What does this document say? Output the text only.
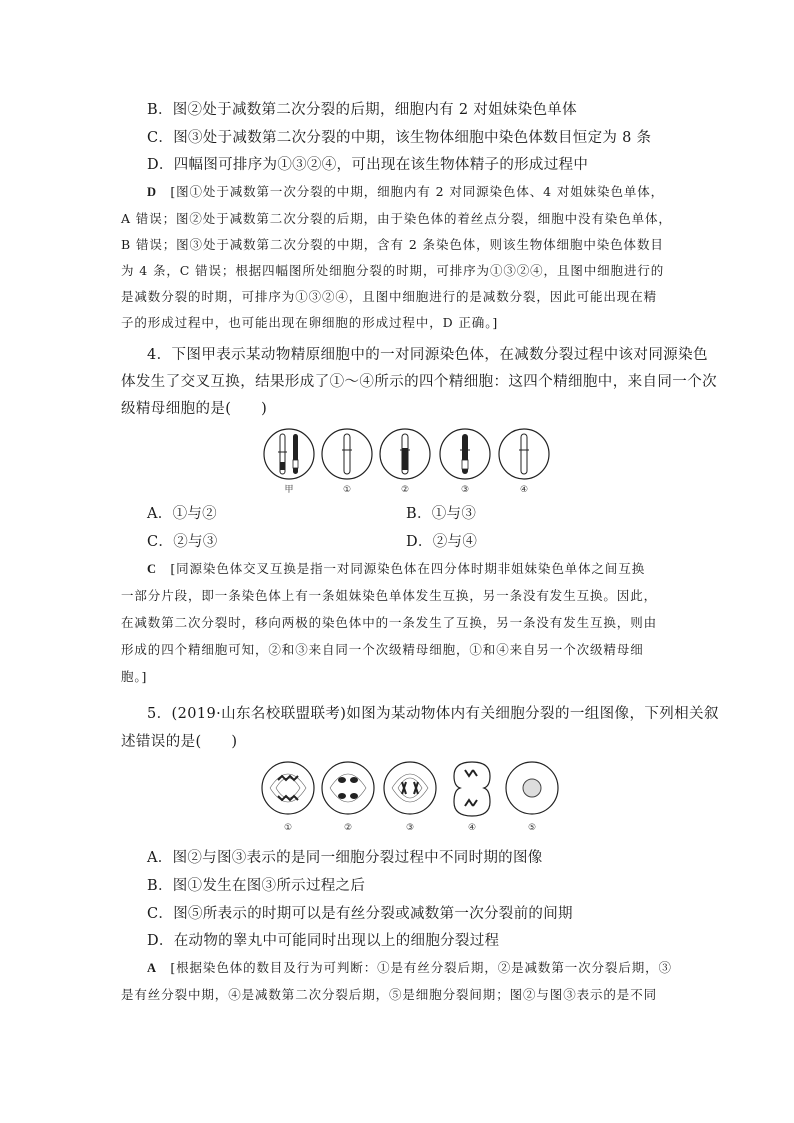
B．图②处于减数第二次分裂的后期，细胞内有 2 对姐妹染色单体
C．图③处于减数第二次分裂的中期，该生物体细胞中染色体数目恒定为 8 条
D．四幅图可排序为①③②④，可出现在该生物体精子的形成过程中
D　 [图①处于减数第一次分裂的中期，细胞内有 2 对同源染色体、4 对姐妹染色单体，
A 错误；图②处于减数第二次分裂的后期，由于染色体的着丝点分裂，细胞中没有染色单体，
B 错误；图③处于减数第二次分裂的中期，含有 2 条染色体，则该生物体细胞中染色体数目
为 4 条，C 错误；根据四幅图所处细胞分裂的时期，可排序为①③②④，且图中细胞进行的
是减数分裂的时期，可排序为①③②④，且图中细胞进行的是减数分裂，因此可能出现在精
子的形成过程中，也可能出现在卵细胞的形成过程中，D 正确。]
4．下图甲表示某动物精原细胞中的一对同源染色体，在减数分裂过程中该对同源染色
体发生了交叉互换，结果形成了①～④所示的四个精细胞：这四个精细胞中，来自同一个次
级精母细胞的是(　　)
甲	①	②	③	④
A．①与②	B．①与③
C．②与③	D．②与④
C　 [同源染色体交叉互换是指一对同源染色体在四分体时期非姐妹染色单体之间互换
一部分片段，即一条染色体上有一条姐妹染色单体发生互换，另一条没有发生互换。因此，
在减数第二次分裂时，移向两极的染色体中的一条发生了互换，另一条没有发生互换，则由
形成的四个精细胞可知，②和③来自同一个次级精母细胞，①和④来自另一个次级精母细
胞。]
5．(2019·山东名校联盟联考)如图为某动物体内有关细胞分裂的一组图像，下列相关叙
述错误的是(　　)
①	②	③	④	⑤
A．图②与图③表示的是同一细胞分裂过程中不同时期的图像
B．图①发生在图③所示过程之后
C．图⑤所表示的时期可以是有丝分裂或减数第一次分裂前的间期
D．在动物的睾丸中可能同时出现以上的细胞分裂过程
A　 [根据染色体的数目及行为可判断：①是有丝分裂后期，②是减数第一次分裂后期，③
是有丝分裂中期，④是减数第二次分裂后期，⑤是细胞分裂间期；图②与图③表示的是不同
